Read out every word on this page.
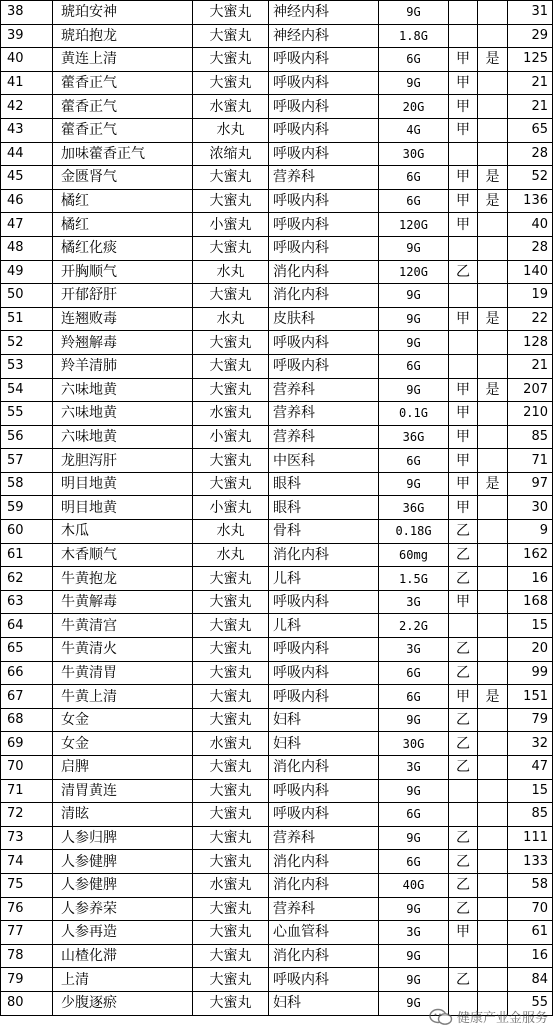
38	琥珀安神	大蜜丸	神经内科	9G			31
39	琥珀抱龙	大蜜丸	神经内科	1.8G			29
40	黄连上清	大蜜丸	呼吸内科	6G	甲	是	125
41	藿香正气	大蜜丸	呼吸内科	9G	甲		21
42	藿香正气	水蜜丸	呼吸内科	20G	甲		21
43	藿香正气	水丸	呼吸内科	4G	甲		65
44	加味藿香正气	浓缩丸	呼吸内科	30G			28
45	金匮肾气	大蜜丸	营养科	6G	甲	是	52
46	橘红	大蜜丸	呼吸内科	6G	甲	是	136
47	橘红	小蜜丸	呼吸内科	120G	甲		40
48	橘红化痰	大蜜丸	呼吸内科	9G			28
49	开胸顺气	水丸	消化内科	120G	乙		140
50	开郁舒肝	大蜜丸	消化内科	9G			19
51	连翘败毒	水丸	皮肤科	9G	甲	是	22
52	羚翘解毒	大蜜丸	呼吸内科	9G			128
53	羚羊清肺	大蜜丸	呼吸内科	6G			21
54	六味地黄	大蜜丸	营养科	9G	甲	是	207
55	六味地黄	水蜜丸	营养科	0.1G	甲		210
56	六味地黄	小蜜丸	营养科	36G	甲		85
57	龙胆泻肝	大蜜丸	中医科	6G	甲		71
58	明目地黄	大蜜丸	眼科	9G	甲	是	97
59	明目地黄	小蜜丸	眼科	36G	甲		30
60	木瓜	水丸	骨科	0.18G	乙		9
61	木香顺气	水丸	消化内科	60mg	乙		162
62	牛黄抱龙	大蜜丸	儿科	1.5G	乙		16
63	牛黄解毒	大蜜丸	呼吸内科	3G	甲		168
64	牛黄清宫	大蜜丸	儿科	2.2G			15
65	牛黄清火	大蜜丸	呼吸内科	3G	乙		20
66	牛黄清胃	大蜜丸	呼吸内科	6G	乙		99
67	牛黄上清	大蜜丸	呼吸内科	6G	甲	是	151
68	女金	大蜜丸	妇科	9G	乙		79
69	女金	水蜜丸	妇科	30G	乙		32
70	启脾	大蜜丸	消化内科	3G	乙		47
71	清胃黄连	大蜜丸	呼吸内科	9G			15
72	清眩	大蜜丸	呼吸内科	6G			85
73	人参归脾	大蜜丸	营养科	9G	乙		111
74	人参健脾	大蜜丸	消化内科	6G	乙		133
75	人参健脾	水蜜丸	消化内科	40G	乙		58
76	人参养荣	大蜜丸	营养科	9G	乙		70
77	人参再造	大蜜丸	心血管科	3G	甲		61
78	山楂化滞	大蜜丸	消化内科	9G			16
79	上清	大蜜丸	呼吸内科	9G	乙		84
80	少腹逐瘀	大蜜丸	妇科	9G			55
健康产业金服务
